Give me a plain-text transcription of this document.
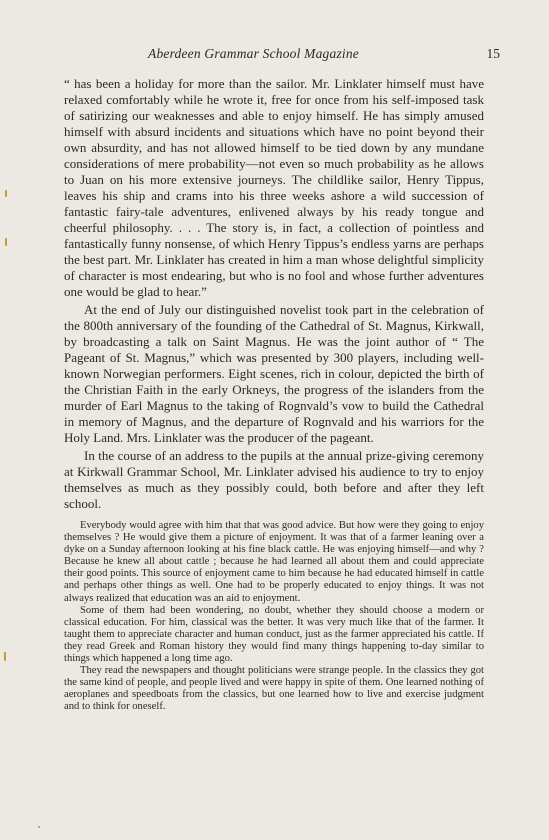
Aberdeen Grammar School Magazine	15

“ has been a holiday for more than the sailor. Mr. Linklater himself must have relaxed comfortably while he wrote it, free for once from his self-imposed task of satirizing our weaknesses and able to enjoy himself. He has simply amused himself with absurd incidents and situations which have no point beyond their own absurdity, and has not allowed himself to be tied down by any mundane considerations of mere probability—not even so much probability as he allows to Juan on his more extensive journeys. The childlike sailor, Henry Tippus, leaves his ship and crams into his three weeks ashore a wild succession of fantastic fairy-tale adventures, enlivened always by his ready tongue and cheerful philosophy. . . . The story is, in fact, a collection of pointless and fantastically funny nonsense, of which Henry Tippus’s endless yarns are perhaps the best part. Mr. Linklater has created in him a man whose delightful simplicity of character is most endearing, but who is no fool and whose further adventures one would be glad to hear.”

At the end of July our distinguished novelist took part in the celebration of the 800th anniversary of the founding of the Cathedral of St. Magnus, Kirkwall, by broadcasting a talk on Saint Magnus. He was the joint author of “ The Pageant of St. Magnus,” which was presented by 300 players, including well-known Norwegian performers. Eight scenes, rich in colour, depicted the birth of the Christian Faith in the early Orkneys, the progress of the islanders from the murder of Earl Magnus to the taking of Rognvald’s vow to build the Cathedral in memory of Magnus, and the departure of Rognvald and his warriors for the Holy Land. Mrs. Linklater was the producer of the pageant.

In the course of an address to the pupils at the annual prize-giving ceremony at Kirkwall Grammar School, Mr. Linklater advised his audience to try to enjoy themselves as much as they possibly could, both before and after they left school.

Everybody would agree with him that that was good advice. But how were they going to enjoy themselves ? He would give them a picture of enjoyment. It was that of a farmer leaning over a dyke on a Sunday afternoon looking at his fine black cattle. He was enjoying himself—and why ? Because he knew all about cattle ; because he had learned all about them and could appreciate their good points. This source of enjoyment came to him because he had educated himself in cattle and perhaps other things as well. One had to be properly educated to enjoy things. It was not always realized that education was an aid to enjoyment.

Some of them had been wondering, no doubt, whether they should choose a modern or classical education. For him, classical was the better. It was very much like that of the farmer. It taught them to appreciate character and human conduct, just as the farmer appreciated his cattle. If they read Greek and Roman history they would find many things happening to-day similar to things which happened a long time ago.

They read the newspapers and thought politicians were strange people. In the classics they got the same kind of people, and people lived and were happy in spite of them. One learned nothing of aeroplanes and speedboats from the classics, but one learned how to live and exercise judgment and to think for oneself.
